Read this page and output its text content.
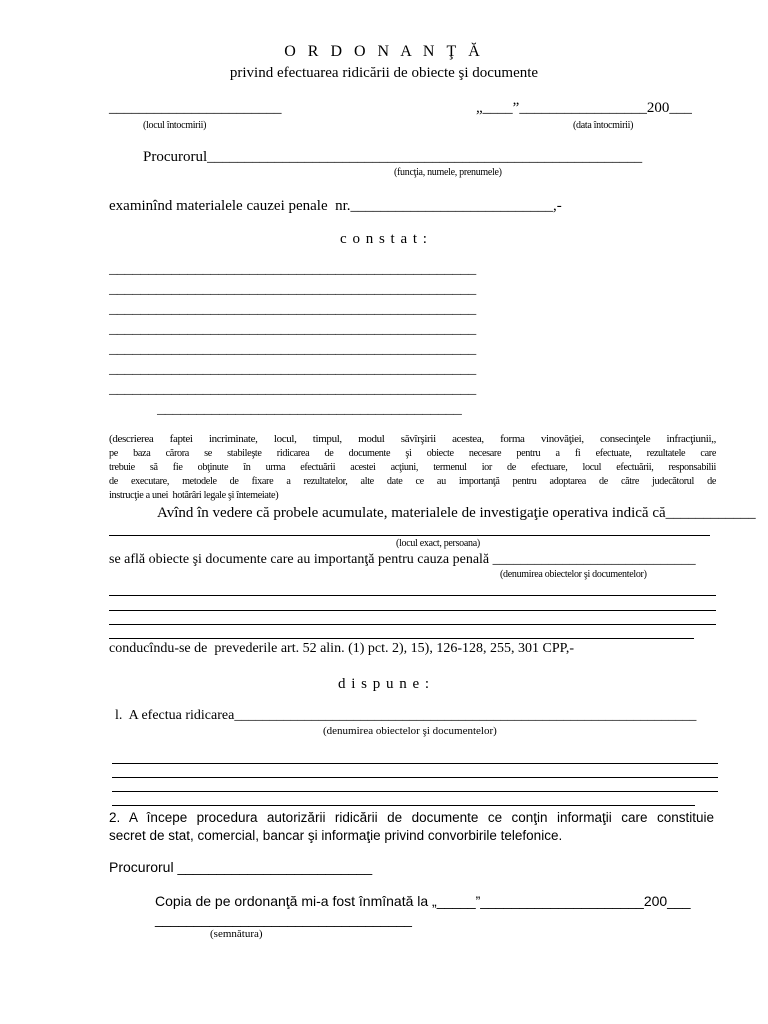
O R D O N A N Ţ Ă
privind efectuarea ridicării de obiecte şi documente
_______________________	„____”_________________200___
(locul întocmirii)	(data întocmirii)
Procurorul__________________________________________________________
(funcţia, numele, prenumele)
examinînd materialele cauzei penale  nr.___________________________,-
c o n s t a t :
_______________________________________________
_______________________________________________
_______________________________________________
_______________________________________________
_______________________________________________
_______________________________________________
_______________________________________________
_______________________________________
(descrierea faptei incriminate, locul, timpul, modul săvîrşirii acestea, forma vinovăţiei, consecinţele infracţiunii,,
pe baza cărora se stabileşte ridicarea de documente şi obiecte necesare pentru a fi efectuate, rezultatele care
trebuie să fie obţinute în urma efectuării acestei acţiuni, termenul ior de efectuare, locul efectuării, responsabilii
de executare, metodele de fixare a rezultatelor, alte date ce au importanţă pentru adoptarea de către judecătorul de
instrucţie a unei  hotărâri legale şi întemeiate)
Avînd în vedere că probele acumulate, materialele de investigaţie operativa indică că____________
(locul exact, persoana)
se află obiecte şi documente care au importanţă pentru cauza penală _____________________________
(denumirea obiectelor şi documentelor)
conducîndu-se de  prevederile art. 52 alin. (1) pct. 2), 15), 126-128, 255, 301 CPP,-
d i s p u n e :
l.  A efectua ridicarea__________________________________________________________________
(denumirea obiectelor şi documentelor)
2. A începe procedura autorizării ridicării de documente ce conţin informaţii care constituie
secret de stat, comercial, bancar şi informaţie privind convorbirile telefonice.
Procurorul _________________________
Copia de pe ordonanţă mi-a fost înmînată la „_____”_____________________200___
_________________________________
(semnătura)
